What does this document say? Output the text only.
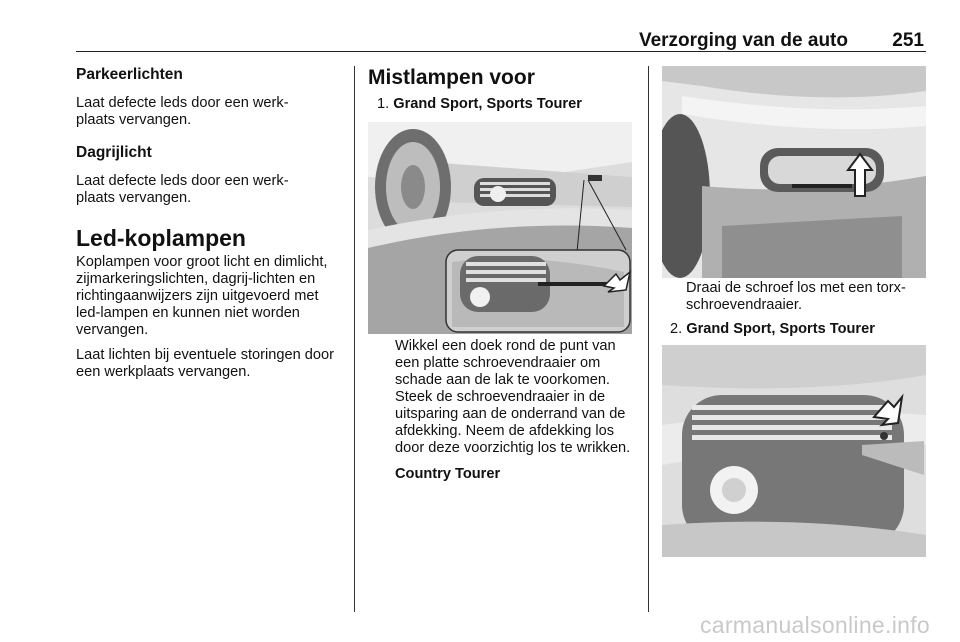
Verzorging van de auto 251
Parkeerlichten

Laat defecte leds door een werk-
plaats vervangen.

Dagrijlicht

Laat defecte leds door een werk-
plaats vervangen.

Led-koplampen

Koplampen voor groot licht en dimlicht, zijmarkeringslichten, dagrij-lichten en richtingaanwijzers zijn uitgevoerd met led-lampen en kunnen niet worden vervangen.

Laat lichten bij eventuele storingen door een werkplaats vervangen.

Mistlampen voor
1. Grand Sport, Sports Tourer

Wikkel een doek rond de punt van een platte schroevendraaier om schade aan de lak te voorkomen. Steek de schroevendraaier in de uitsparing aan de onderrand van de afdekking. Neem de afdekking los door deze voorzichtig los te wrikken.

Country Tourer

Draai de schroef los met een torx-schroevendraaier.

2. Grand Sport, Sports Tourer
carmanualsonline.info
